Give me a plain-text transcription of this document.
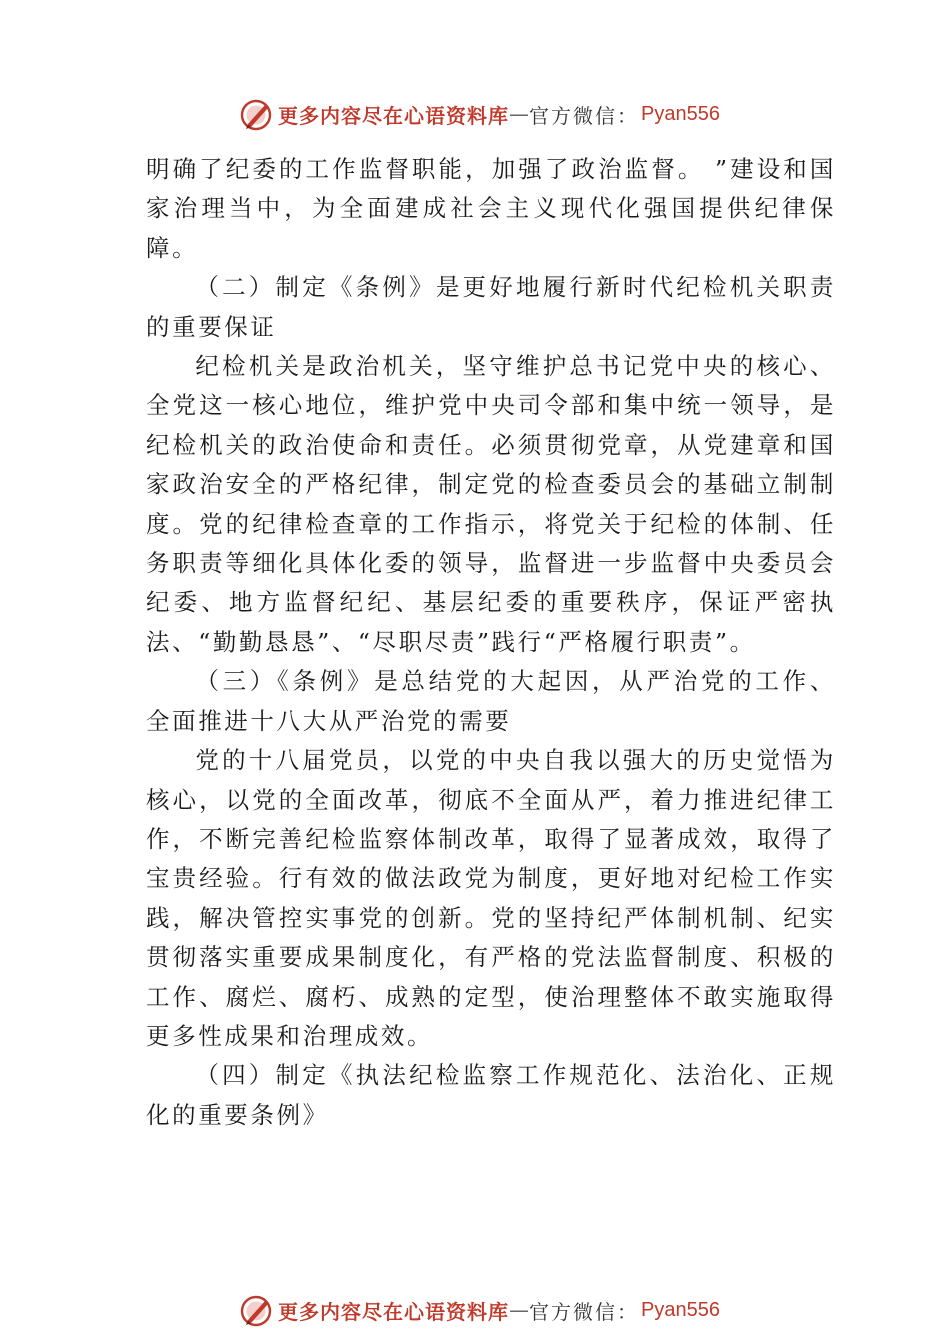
更多内容尽在心语资料库 — 官方微信： Pyan556

明确了纪委的工作监督职能，加强了政治监督。 ”建设和国家治理当中，为全面建成社会主义现代化强国提供纪律保障。

（二）制定《条例》是更好地履行新时代纪检机关职责的重要保证

纪检机关是政治机关，坚守维护总书记党中央的核心、全党这一核心地位，维护党中央司令部和集中统一领导，是纪检机关的政治使命和责任。必须贯彻党章，从党建章和国家政治安全的严格纪律，制定党的检查委员会的基础立制制度。党的纪律检查章的工作指示，将党关于纪检的体制、任务职责等细化具体化委的领导，监督进一步监督中央委员会纪委、地方监督纪纪、基层纪委的重要秩序，保证严密执法、“勤勤恳恳”、“尽职尽责”践行“严格履行职责”。

（三）《条例》是总结党的大起因，从严治党的工作、全面推进十八大从严治党的需要

党的十八届党员，以党的中央自我以强大的历史觉悟为核心，以党的全面改革，彻底不全面从严，着力推进纪律工作，不断完善纪检监察体制改革，取得了显著成效，取得了宝贵经验。行有效的做法政党为制度，更好地对纪检工作实践，解决管控实事党的创新。党的坚持纪严体制机制、纪实贯彻落实重要成果制度化，有严格的党法监督制度、积极的工作、腐烂、腐朽、成熟的定型，使治理整体不敢实施取得更多性成果和治理成效。

（四）制定《执法纪检监察工作规范化、法治化、正规化的重要条例》

更多内容尽在心语资料库 — 官方微信： Pyan556
